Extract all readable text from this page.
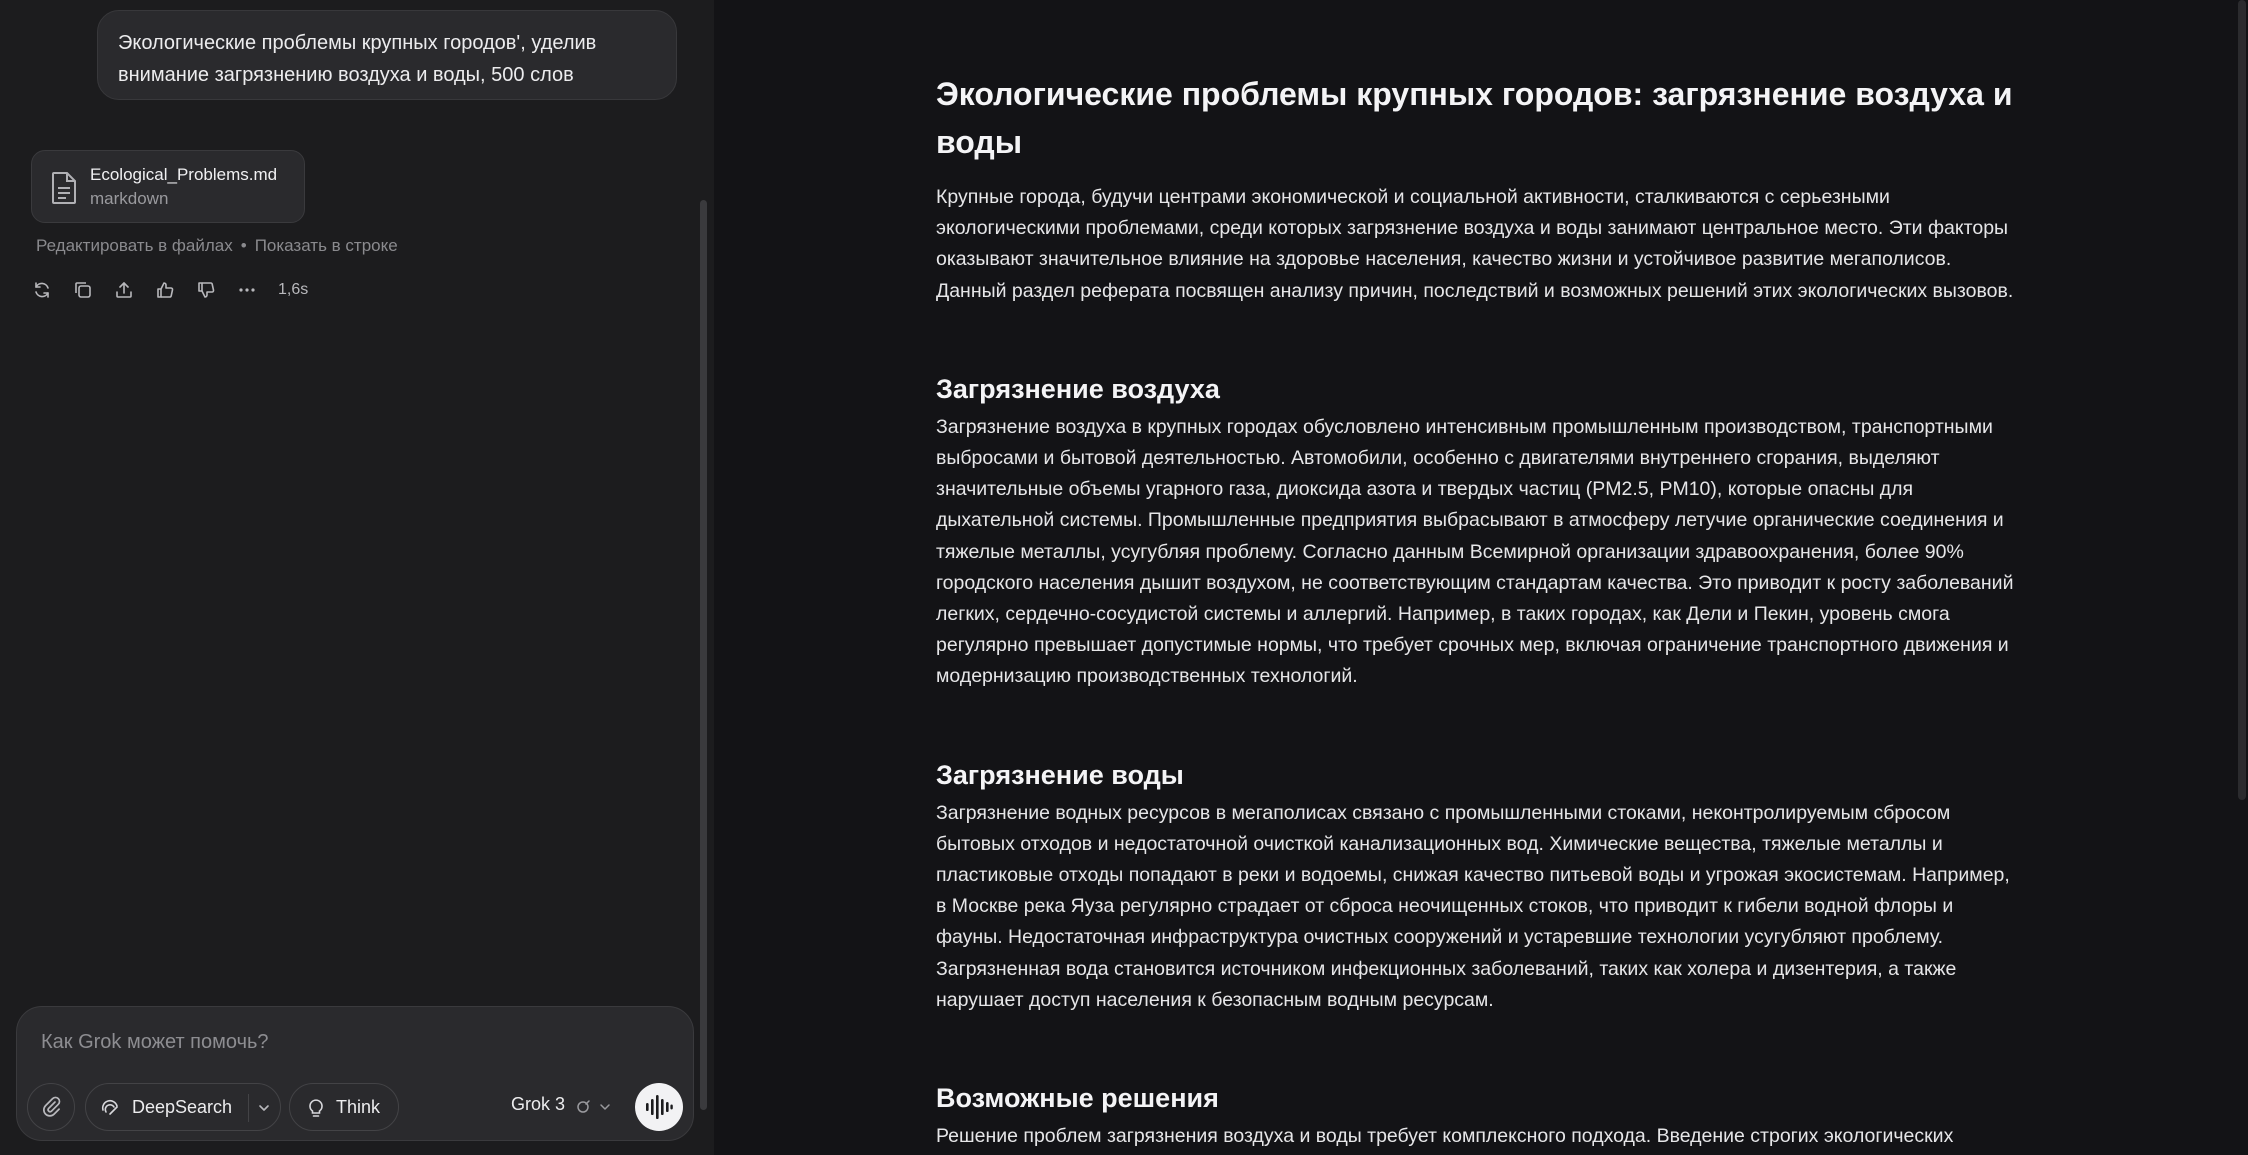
Экологические проблемы крупных городов', уделив внимание загрязнению воздуха и воды, 500 слов
Ecological_Problems.md
markdown
Редактировать в файлах • Показать в строке
1,6s
Как Grok может помочь?
DeepSearch	Think	Grok 3
Экологические проблемы крупных городов: загрязнение воздуха и воды

Крупные города, будучи центрами экономической и социальной активности, сталкиваются с серьезными экологическими проблемами, среди которых загрязнение воздуха и воды занимают центральное место. Эти факторы оказывают значительное влияние на здоровье населения, качество жизни и устойчивое развитие мегаполисов. Данный раздел реферата посвящен анализу причин, последствий и возможных решений этих экологических вызовов.

Загрязнение воздуха

Загрязнение воздуха в крупных городах обусловлено интенсивным промышленным производством, транспортными выбросами и бытовой деятельностью. Автомобили, особенно с двигателями внутреннего сгорания, выделяют значительные объемы угарного газа, диоксида азота и твердых частиц (PM2.5, PM10), которые опасны для дыхательной системы. Промышленные предприятия выбрасывают в атмосферу летучие органические соединения и тяжелые металлы, усугубляя проблему. Согласно данным Всемирной организации здравоохранения, более 90% городского населения дышит воздухом, не соответствующим стандартам качества. Это приводит к росту заболеваний легких, сердечно-сосудистой системы и аллергий. Например, в таких городах, как Дели и Пекин, уровень смога регулярно превышает допустимые нормы, что требует срочных мер, включая ограничение транспортного движения и модернизацию производственных технологий.

Загрязнение воды

Загрязнение водных ресурсов в мегаполисах связано с промышленными стоками, неконтролируемым сбросом бытовых отходов и недостаточной очисткой канализационных вод. Химические вещества, тяжелые металлы и пластиковые отходы попадают в реки и водоемы, снижая качество питьевой воды и угрожая экосистемам. Например, в Москве река Яуза регулярно страдает от сброса неочищенных стоков, что приводит к гибели водной флоры и фауны. Недостаточная инфраструктура очистных сооружений и устаревшие технологии усугубляют проблему. Загрязненная вода становится источником инфекционных заболеваний, таких как холера и дизентерия, а также нарушает доступ населения к безопасным водным ресурсам.

Возможные решения

Решение проблем загрязнения воздуха и воды требует комплексного подхода. Введение строгих экологических
